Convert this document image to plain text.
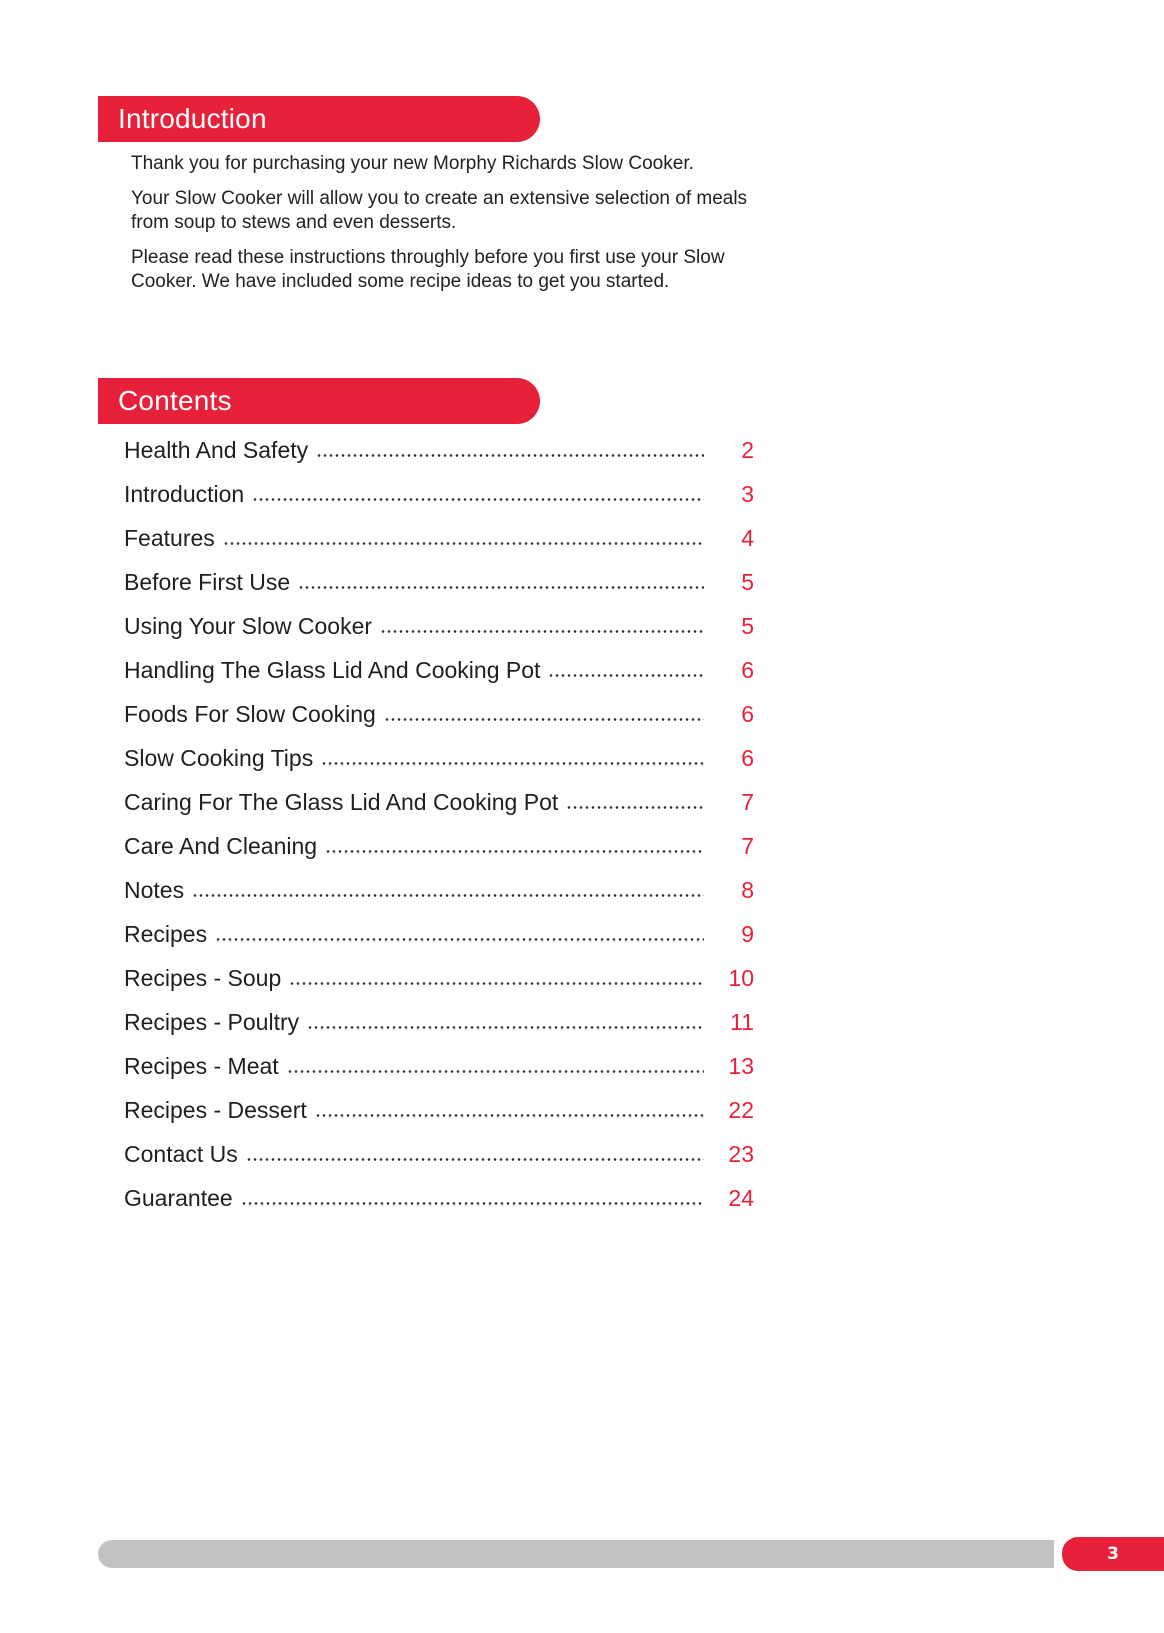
Introduction

Thank you for purchasing your new Morphy Richards Slow Cooker.

Your Slow Cooker will allow you to create an extensive selection of meals from soup to stews and even desserts.

Please read these instructions throughly before you first use your Slow Cooker. We have included some recipe ideas to get you started.

Contents
Health And Safety	2
Introduction	3
Features	4
Before First Use	5
Using Your Slow Cooker	5
Handling The Glass Lid And Cooking Pot	6
Foods For Slow Cooking	6
Slow Cooking Tips	6
Caring For The Glass Lid And Cooking Pot	7
Care And Cleaning	7
Notes	8
Recipes	9
Recipes - Soup	10
Recipes - Poultry	11
Recipes - Meat	13
Recipes - Dessert	22
Contact Us	23
Guarantee	24
3
